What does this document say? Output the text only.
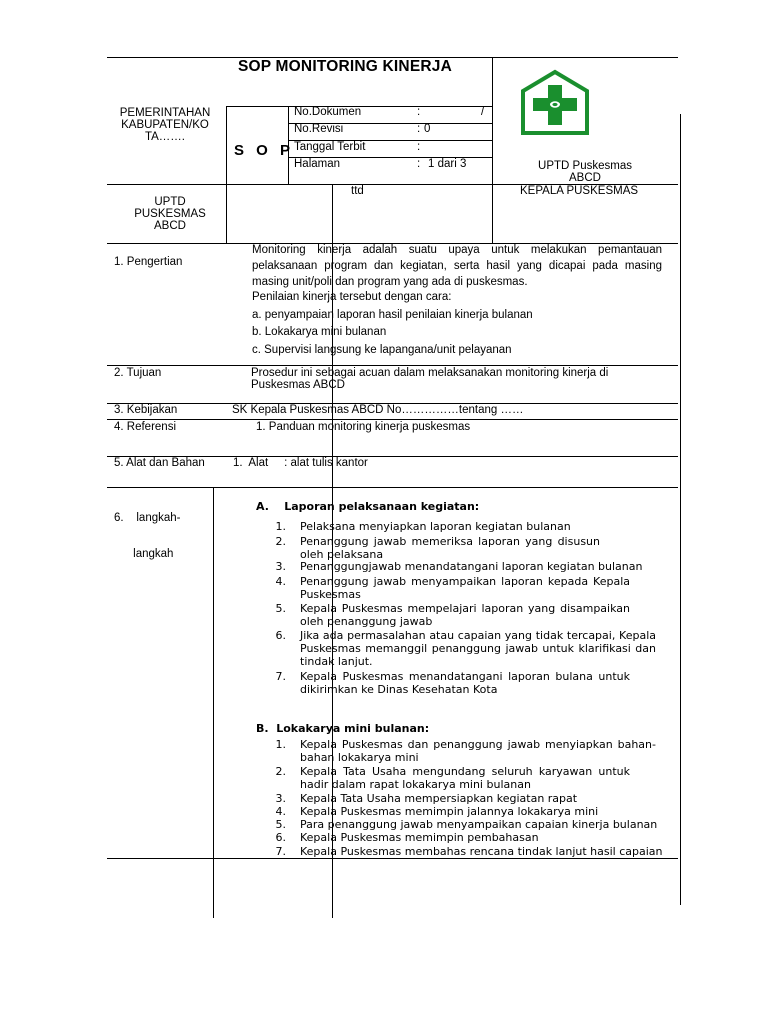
SOP MONITORING KINERJA
PEMERINTAHAN
KABUPATEN/KO
TA…….
S O P
No.Dokumen	:	/
No.Revisi	: 0
Tanggal Terbit	:
Halaman	: 1 dari 3	UPTD Puskesmas
ABCD
UPTD
PUSKESMAS
ABCD
ttd	KEPALA PUSKESMAS
1. Pengertian
Monitoring kinerja adalah suatu upaya untuk melakukan pemantauan pelaksanaan program dan kegiatan, serta hasil yang dicapai pada masing masing unit/poli dan program yang ada di puskesmas.
Penilaian kinerja tersebut dengan cara:
a. penyampaian laporan hasil penilaian kinerja bulanan
b. Lokakarya mini bulanan
c. Supervisi langsung ke lapangana/unit pelayanan
2. Tujuan	Prosedur ini sebagai acuan dalam melaksanakan monitoring kinerja di Puskesmas ABCD
3. Kebijakan	SK Kepala Puskesmas ABCD No……………tentang ……
4. Referensi	1. Panduan monitoring kinerja puskesmas
5. Alat dan Bahan 1.  Alat     : alat tulis kantor

6.    langkah-

langkah

A.    Laporan pelaksanaan kegiatan:
1. Pelaksana menyiapkan laporan kegiatan bulanan
2. Penanggung jawab memeriksa laporan yang disusun oleh pelaksana
3. Penanggungjawab menandatangani laporan kegiatan bulanan
4. Penanggung jawab menyampaikan laporan kepada Kepala Puskesmas
5. Kepala Puskesmas mempelajari laporan yang disampaikan oleh penanggung jawab
6. Jika ada permasalahan atau capaian yang tidak tercapai, Kepala Puskesmas memanggil penanggung jawab untuk klarifikasi dan tindak lanjut.
7. Kepala Puskesmas menandatangani laporan bulana untuk dikirimkan ke Dinas Kesehatan Kota
B.  Lokakarya mini bulanan:
1. Kepala Puskesmas dan penanggung jawab menyiapkan bahan-bahan lokakarya mini
2. Kepala Tata Usaha mengundang seluruh karyawan untuk hadir dalam rapat lokakarya mini bulanan
3. Kepala Tata Usaha mempersiapkan kegiatan rapat
4. Kepala Puskesmas memimpin jalannya lokakarya mini
5. Para penanggung jawab menyampaikan capaian kinerja bulanan
6. Kepala Puskesmas memimpin pembahasan
7. Kepala Puskesmas membahas rencana tindak lanjut hasil capaian
